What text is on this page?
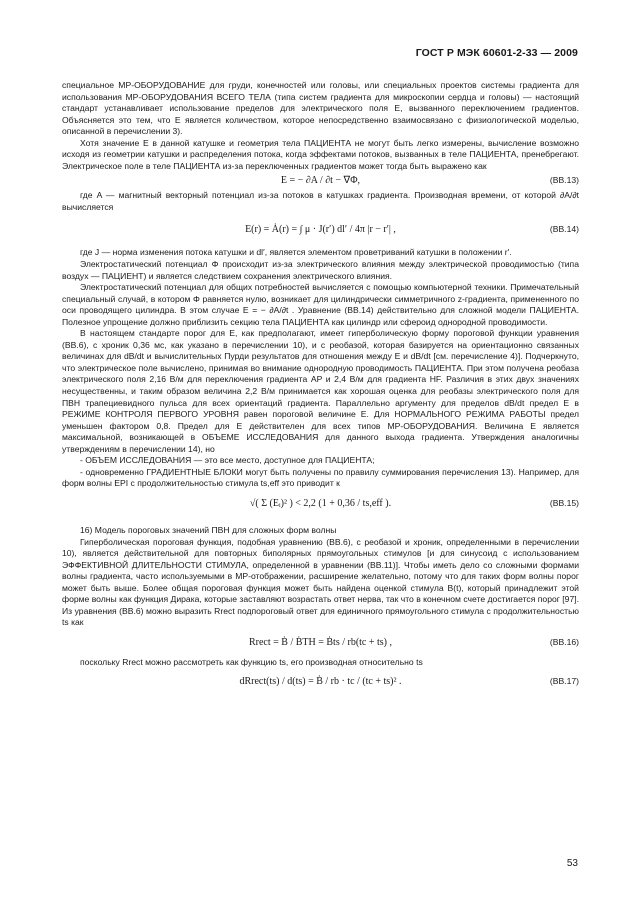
ГОСТ Р МЭК 60601-2-33 — 2009

специальное МР-ОБОРУДОВАНИЕ для груди, конечностей или головы, или специальных проектов системы градиента для использования МР-ОБОРУДОВАНИЯ ВСЕГО ТЕЛА (типа систем градиента для микроскопии сердца и головы) — настоящий стандарт устанавливает использование пределов для электрического поля E, вызванного переключением градиентов. Объясняется это тем, что E является количеством, которое непосредственно взаимосвязано с физиологической моделью, описанной в перечислении 3).

Хотя значение E в данной катушке и геометрия тела ПАЦИЕНТА не могут быть легко измерены, вычисление возможно исходя из геометрии катушки и распределения потока, когда эффектами потоков, вызванных в теле ПАЦИЕНТА, пренебрегают. Электрическое поле в теле ПАЦИЕНТА из-за переключенных градиентов может тогда быть выражено как

E = − ∂A / ∂t − ∇Φ,	(ВВ.13)

где A — магнитный векторный потенциал из-за потоков в катушках градиента. Производная времени, от которой ∂A/∂t вычисляется

E(r) = Ȧ(r) = ∫ μ · J(r′) dl′ / 4π |r − r′| ,	(ВВ.14)

где J — норма изменения потока катушки и dl′, является элементом проветриваний катушки в положении r′.

Электростатический потенциал Φ происходит из-за электрического влияния между электрической проводимостью (типа воздух — ПАЦИЕНТ) и является следствием сохранения электрического влияния.

Электростатический потенциал для общих потребностей вычисляется с помощью компьютерной техники. Примечательный специальный случай, в котором Φ равняется нулю, возникает для цилиндрически симметричного z-градиента, примененного по оси проводящего цилиндра. В этом случае E = − ∂A/∂t . Уравнение (ВВ.14) действительно для сложной модели ПАЦИЕНТА. Полезное упрощение должно приблизить секцию тела ПАЦИЕНТА как цилиндр или сфероид однородной проводимости.

В настоящем стандарте порог для E, как предполагают, имеет гиперболическую форму пороговой функции уравнения (ВВ.6), с хроник 0,36 мс, как указано в перечислении 10), и с реобазой, которая базируется на ориентационно связанных величинах для dB/dt и вычислительных Пурди результатов для отношения между E и dB/dt [см. перечисление 4)]. Подчеркнуто, что электрическое поле вычислено, принимая во внимание однородную проводимость ПАЦИЕНТА. При этом получена реобаза электрического поля 2,16 В/м для переключения градиента AP и 2,4 В/м для градиента HF. Различия в этих двух значениях несущественны, и таким образом величина 2,2 В/м принимается как хорошая оценка для реобазы электрического поля для ПВН трапециевидного пульса для всех ориентаций градиента. Параллельно аргументу для пределов dB/dt предел E в РЕЖИМЕ КОНТРОЛЯ ПЕРВОГО УРОВНЯ равен пороговой величине E. Для НОРМАЛЬНОГО РЕЖИМА РАБОТЫ предел уменьшен фактором 0,8. Предел для E действителен для всех типов МР-ОБОРУДОВАНИЯ. Величина E является максимальной, возникающей в ОБЪЕМЕ ИССЛЕДОВАНИЯ для данного выхода градиента. Утверждения аналогичны утверждениям в перечислении 14), но

- ОБЪЕМ ИССЛЕДОВАНИЯ — это все место, доступное для ПАЦИЕНТА;

- одновременно ГРАДИЕНТНЫЕ БЛОКИ могут быть получены по правилу суммирования перечисления 13). Например, для форм волны EPI с продолжительностью стимула ts,eff это приводит к

√( Σ (Eᵢ)² ) < 2,2 (1 + 0,36 / ts,eff ).	(ВВ.15)

16) Модель пороговых значений ПВН для сложных форм волны

Гиперболическая пороговая функция, подобная уравнению (ВВ.6), с реобазой и хроник, определенными в перечислении 10), является действительной для повторных биполярных прямоугольных стимулов [и для синусоид с использованием ЭФФЕКТИВНОЙ ДЛИТЕЛЬНОСТИ СТИМУЛА, определенной в уравнении (ВВ.11)]. Чтобы иметь дело со сложными формами волны градиента, часто используемыми в МР-отображении, расширение желательно, потому что для таких форм волны порог может быть выше. Более общая пороговая функция может быть найдена оценкой стимула B(t), который принадлежит этой форме волны как функция Дирака, которые заставляют возрастать ответ нерва, так что в конечном счете достигается порог [97]. Из уравнения (ВВ.6) можно выразить Rrect подпороговый ответ для единичного прямоугольного стимула с продолжительностью ts как

Rrect = Ḃ / ḂTH = Ḃts / rb(tc + ts) ,	(ВВ.16)

поскольку Rrect можно рассмотреть как функцию ts, его производная относительно ts

dRrect(ts) / d(ts) = Ḃ / rb · tc / (tc + ts)² .	(ВВ.17)
53
